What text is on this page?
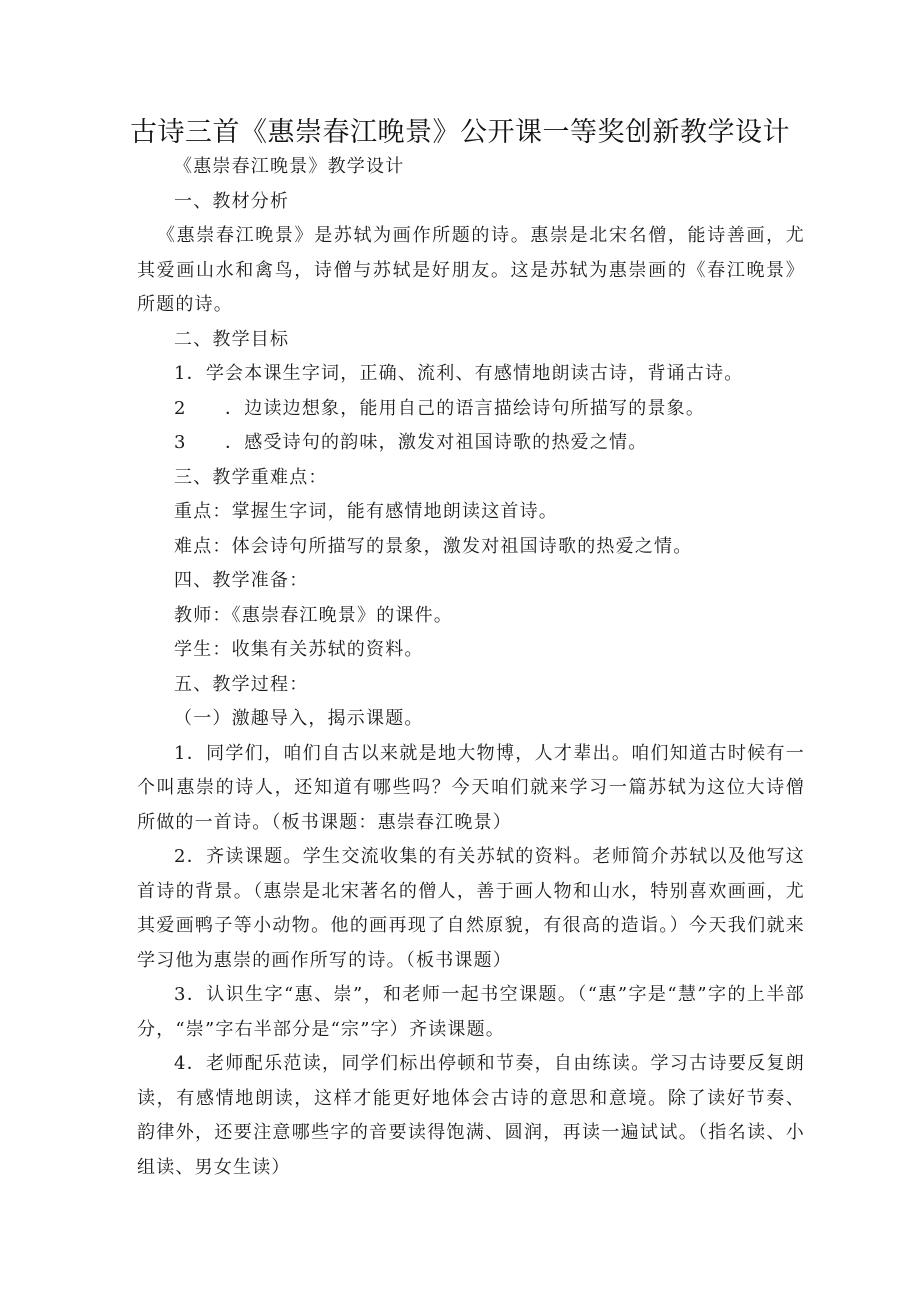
古诗三首《惠崇春江晚景》公开课一等奖创新教学设计

《惠崇春江晚景》教学设计

一、教材分析

《惠崇春江晚景》是苏轼为画作所题的诗。惠崇是北宋名僧，能诗善画，尤其爱画山水和禽鸟，诗僧与苏轼是好朋友。这是苏轼为惠崇画的《春江晚景》所题的诗。

二、教学目标

1．学会本课生字词，正确、流利、有感情地朗读古诗，背诵古诗。

2　　．边读边想象，能用自己的语言描绘诗句所描写的景象。

3　　．感受诗句的韵味，激发对祖国诗歌的热爱之情。

三、教学重难点：

重点：掌握生字词，能有感情地朗读这首诗。

难点：体会诗句所描写的景象，激发对祖国诗歌的热爱之情。

四、教学准备：

教师：《惠崇春江晚景》的课件。

学生：收集有关苏轼的资料。

五、教学过程：

（一）激趣导入，揭示课题。

1．同学们，咱们自古以来就是地大物博，人才辈出。咱们知道古时候有一个叫惠崇的诗人，还知道有哪些吗？今天咱们就来学习一篇苏轼为这位大诗僧所做的一首诗。（板书课题：惠崇春江晚景）

2．齐读课题。学生交流收集的有关苏轼的资料。老师简介苏轼以及他写这首诗的背景。（惠崇是北宋著名的僧人，善于画人物和山水，特别喜欢画画，尤其爱画鸭子等小动物。他的画再现了自然原貌，有很高的造诣。）今天我们就来学习他为惠崇的画作所写的诗。（板书课题）

3．认识生字“惠、崇”，和老师一起书空课题。（“惠”字是“慧”字的上半部分，“崇”字右半部分是“宗”字）齐读课题。

4．老师配乐范读，同学们标出停顿和节奏，自由练读。学习古诗要反复朗读，有感情地朗读，这样才能更好地体会古诗的意思和意境。除了读好节奏、韵律外，还要注意哪些字的音要读得饱满、圆润，再读一遍试试。（指名读、小组读、男女生读）
